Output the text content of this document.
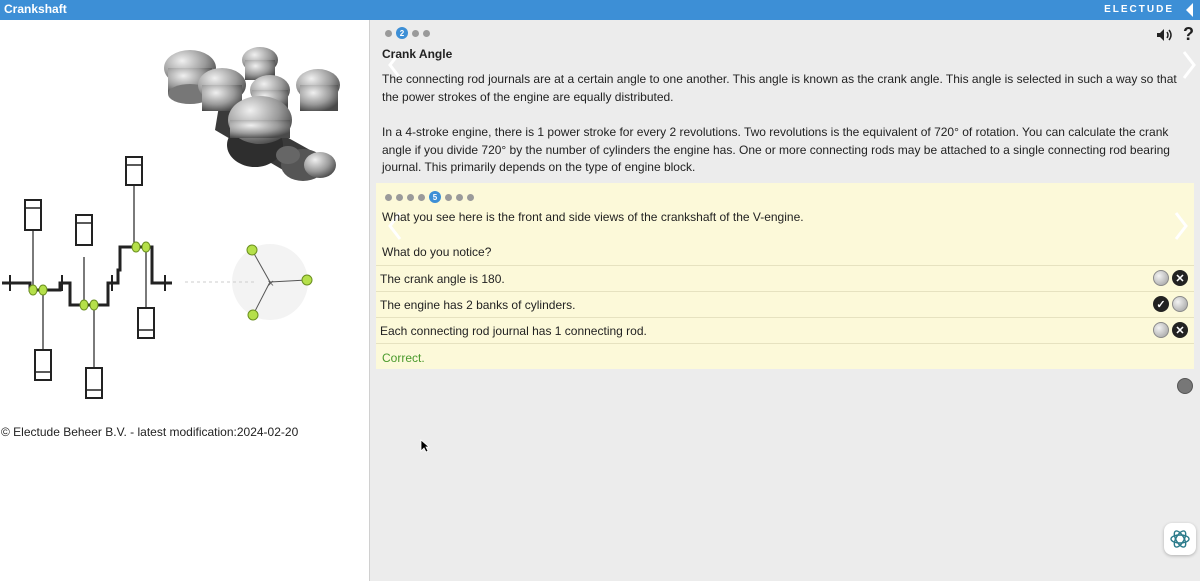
Crankshaft	ELECTUDE
×
© Electude Beheer B.V. - latest modification:2024-02-20
2	?
Crank Angle
The connecting rod journals are at a certain angle to one another. This angle is known as the crank angle. This angle is selected in such a way so that the power strokes of the engine are equally distributed.
In a 4-stroke engine, there is 1 power stroke for every 2 revolutions. Two revolutions is the equivalent of 720° of rotation. You can calculate the crank angle if you divide 720° by the number of cylinders the engine has. One or more connecting rods may be attached to a single connecting rod bearing journal. This primarily depends on the type of engine block.
5
What you see here is the front and side views of the crankshaft of the V-engine.
What do you notice?
The crank angle is 180.	✕
The engine has 2 banks of cylinders.	✓
Each connecting rod journal has 1 connecting rod.	✕
Correct.
